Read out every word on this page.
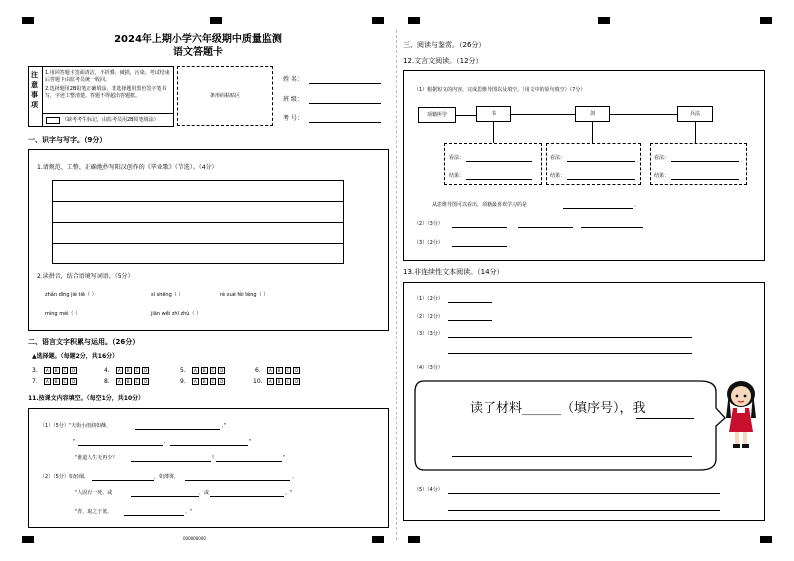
2024年上期小学六年级期中质量监测
语文答题卡
注意事项
1.用同答题卡签面清洁，不折叠、破损，污染。考试结束后答题卡由监考员统一收回。
2.选择题用2B铅笔正确填涂，非选择题用黑色签字笔书写，字迹工整清楚。答题不得超出答题框。
（缺考考生标记，由监考员用2B铅笔填涂）
条形码粘贴区
姓 名：
班 级：
考 号：
一、识字与写字。（9分）
1.请规范、工整、正确地抄写阳汉创作的《毕业歌》（节选）。（4分）
2.读拼音，结合语境写词语。（5分）
zhǎn dīng jié tiě（ ）	sī shēng（ ）	rè xuè fèi téng（ ）
míng mèi（ ）	jiān wěi zhī zhù（ ）
二、语言文字积累与运用。（26分）
▲选择题。（每题2分，共16分）
3. A B C D	4. A B C D	5. A B C D	6. A B C D
7. A B C D	8. A B C D	9. A B C D	10. A B C D
11.按课文内容填空。（每空1分，共10分）
（1）（5分）"天街小雨润如酥，	,"
"	,	"
"谁道人生无再少？	!	"
（2）（5分）如轻烟，	，如薄雾，	。
"人固有一死，或	，或	。"
"青，取之于蓝，	。"
000000000
三、阅读与鉴赏。（26分）
12.文言文阅读。（12分）
（1）根据短文的内容，完成思维导图以及填空。（用文中的原句填空）（7分）
项籍所学	书	剑	兵法
看法：
结果：
看法：
结果：
看法：
结果：
从思维导图可以看出，项籍最喜欢学习的是	。
（2）（3分）
（3）（2分）
13.非连续性文本阅读。（14分）
（1）（2分）
（2）（2分）
（3）（3分）
（4）（3分）
读了材料______（填序号），我
（5）（4分）
